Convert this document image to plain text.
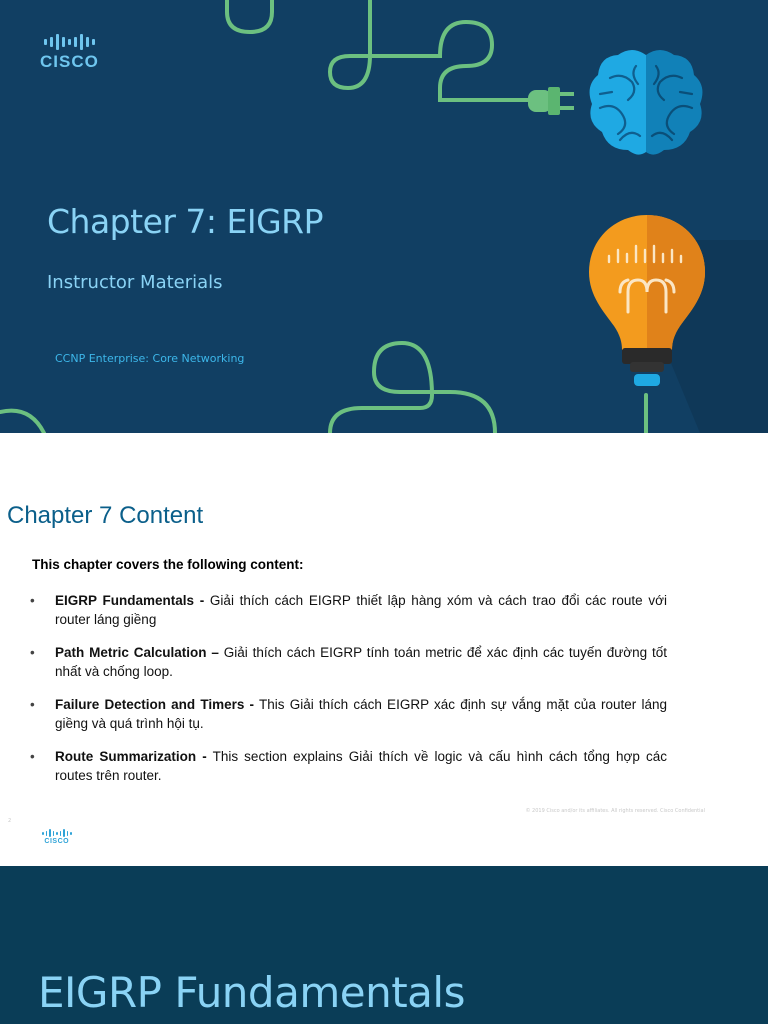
CISCO
Chapter 7: EIGRP

Instructor Materials

CCNP Enterprise: Core Networking

Chapter 7 Content

This chapter covers the following content:

• EIGRP Fundamentals - Giải thích cách EIGRP thiết lập hàng xóm và cách trao đổi các route với router láng giềng
• Path Metric Calculation – Giải thích cách EIGRP tính toán metric để xác định các tuyến đường tốt nhất và chống loop.
• Failure Detection and Timers - This Giải thích cách EIGRP xác định sự vắng mặt của router láng giềng và quá trình hội tụ.
• Route Summarization - This section explains Giải thích về logic và cấu hình cách tổng hợp các routes trên router.

© 2019 Cisco and/or its affiliates. All rights reserved. Cisco Confidential

2

CISCO
EIGRP Fundamentals
